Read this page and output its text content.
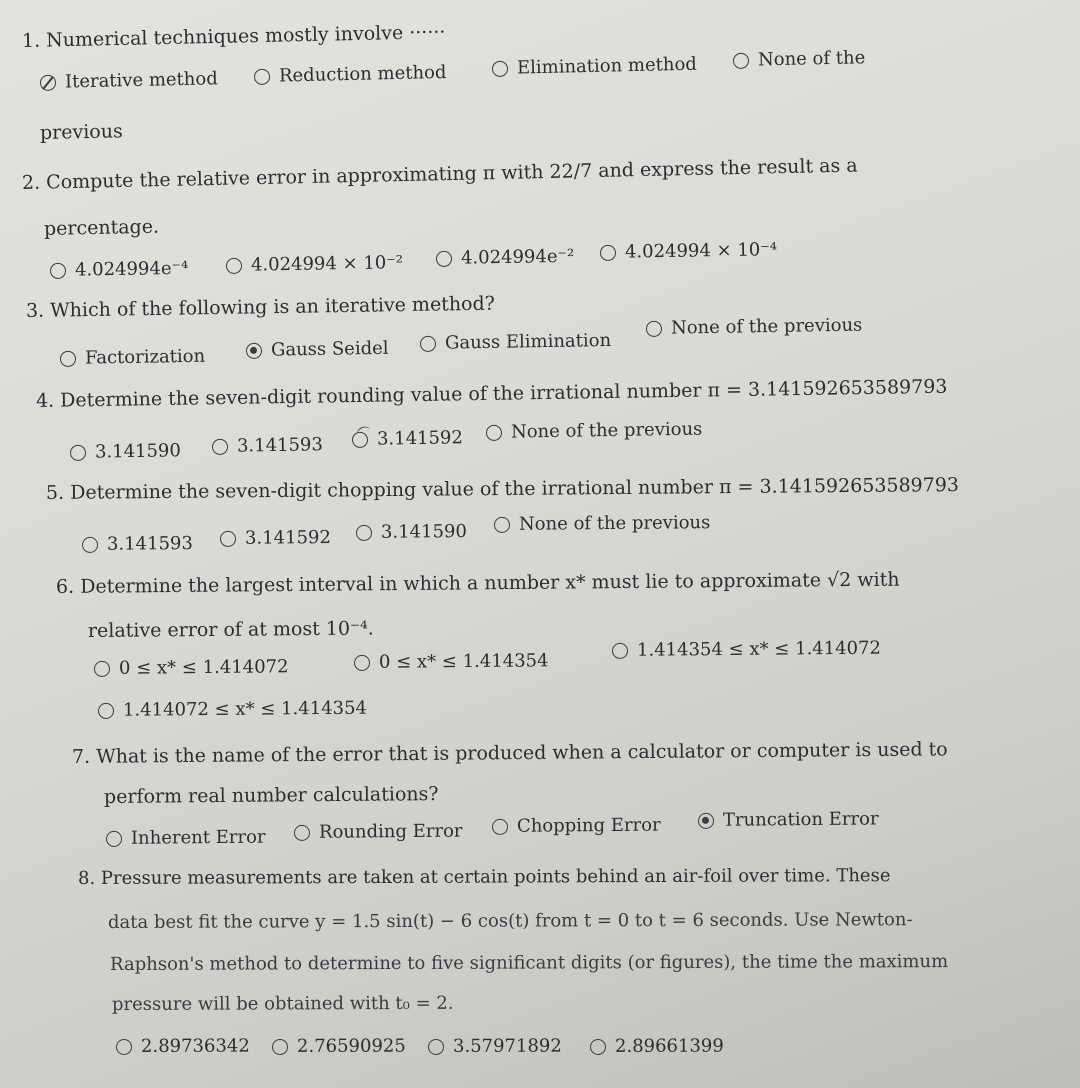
1. Numerical techniques mostly involve ······
Iterative method	Reduction method	Elimination method	None of the
previous
2. Compute the relative error in approximating π with 22/7 and express the result as a
percentage.
4.024994e⁻⁴	4.024994 × 10⁻²	4.024994e⁻²	4.024994 × 10⁻⁴
3. Which of the following is an iterative method?
Factorization	Gauss Seidel	Gauss Elimination
None of the previous
4. Determine the seven-digit rounding value of the irrational number π = 3.141592653589793
3.141590	3.141593	3.141592	None of the previous
5. Determine the seven-digit chopping value of the irrational number π = 3.141592653589793
3.141593	3.141592	3.141590	None of the previous
6. Determine the largest interval in which a number x* must lie to approximate √2 with
relative error of at most 10⁻⁴.
0 ≤ x* ≤ 1.414072	0 ≤ x* ≤ 1.414354
1.414354 ≤ x* ≤ 1.414072
1.414072 ≤ x* ≤ 1.414354
7. What is the name of the error that is produced when a calculator or computer is used to
perform real number calculations?
Inherent Error	Rounding Error	Chopping Error	Truncation Error
8. Pressure measurements are taken at certain points behind an air-foil over time. These
data best fit the curve y = 1.5 sin(t) − 6 cos(t) from t = 0 to t = 6 seconds. Use Newton-
Raphson's method to determine to five significant digits (or figures), the time the maximum
pressure will be obtained with t₀ = 2.
2.89736342	2.76590925	3.57971892	2.89661399
